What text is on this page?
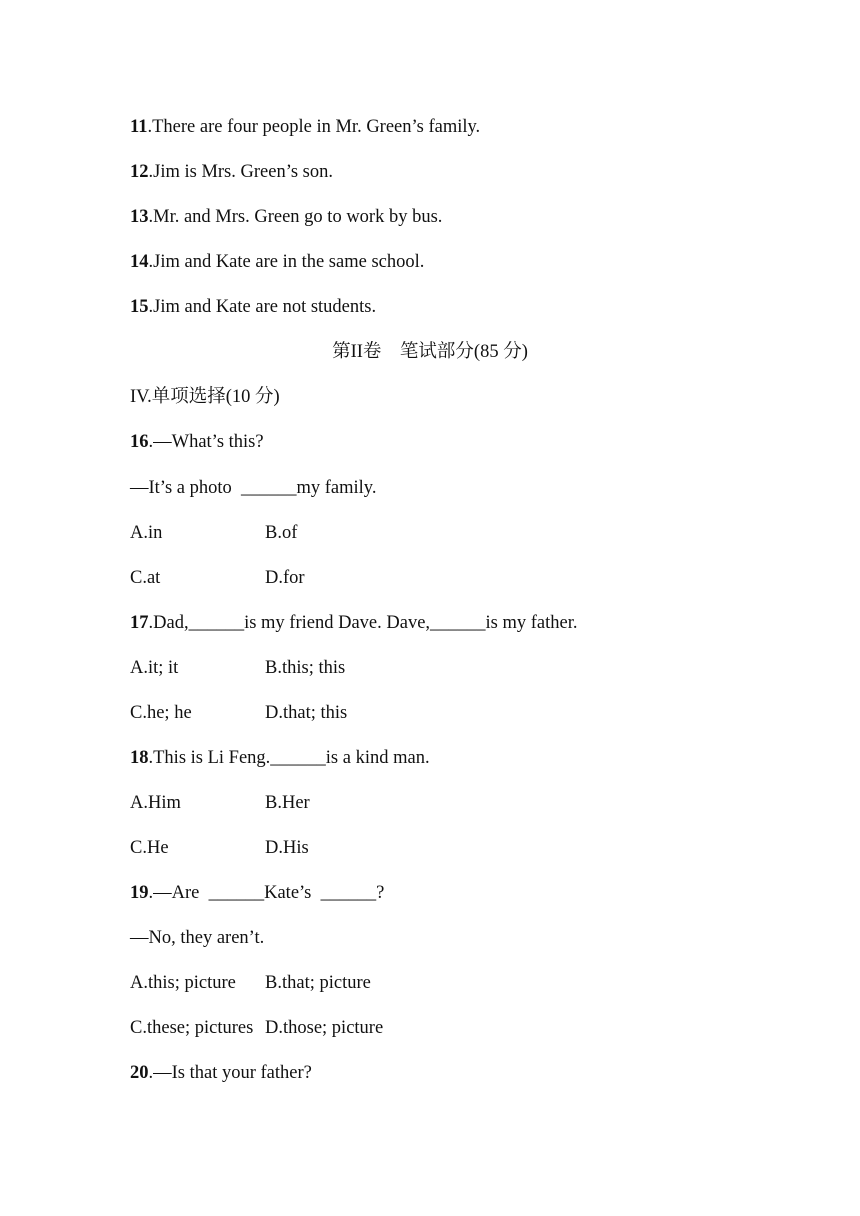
11.There are four people in Mr. Green’s family.
12.Jim is Mrs. Green’s son.
13.Mr. and Mrs. Green go to work by bus.
14.Jim and Kate are in the same school.
15.Jim and Kate are not students.
第II卷　笔试部分(85 分)
IV.单项选择(10 分)
16.—What’s this?
—It’s a photo  ______my family.
A.in	B.of
C.at	D.for
17.Dad,______is my friend Dave. Dave,______is my father.
A.it; it	B.this; this
C.he; he	D.that; this
18.This is Li Feng.______is a kind man.
A.Him	B.Her
C.He	D.His
19.—Are  ______Kate’s  ______?
—No, they aren’t.
A.this; picture B.that; picture
C.these; pictures D.those; picture
20.—Is that your father?
